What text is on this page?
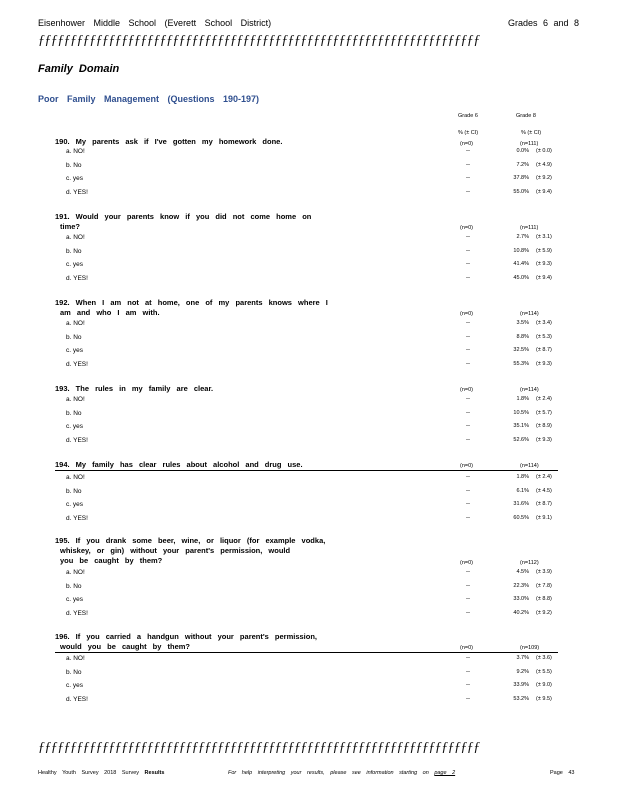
Eisenhower Middle School (Everett School District)	Grades 6 and 8
ƒƒƒƒƒƒƒƒƒƒƒƒƒƒƒƒƒƒƒƒƒƒƒƒƒƒƒƒƒƒƒƒƒƒƒƒƒƒƒƒƒƒƒƒƒƒƒƒƒƒƒƒƒƒƒƒƒƒƒƒƒƒƒƒƒƒƒƒƒ
Family Domain
Poor Family Management (Questions 190-197)
Grade 6	Grade 8
% (± CI)	% (± CI)
190. My parents ask if I've gotten my homework done.	(n=0)	(n=111)
a. NO!	--	0.0% (± 0.0)
b. No	--	7.2% (± 4.9)
c. yes	--	37.8% (± 9.2)
d. YES!	--	55.0% (± 9.4)
191. Would your parents know if you did not come home on
time?	(n=0)	(n=111)
a. NO!	--	2.7% (± 3.1)
b. No	--	10.8% (± 5.9)
c. yes	--	41.4% (± 9.3)
d. YES!	--	45.0% (± 9.4)
192. When I am not at home, one of my parents knows where I
am and who I am with.	(n=0)	(n=114)
a. NO!	--	3.5% (± 3.4)
b. No	--	8.8% (± 5.3)
c. yes	--	32.5% (± 8.7)
d. YES!	--	55.3% (± 9.3)
193. The rules in my family are clear.	(n=0)	(n=114)
a. NO!	--	1.8% (± 2.4)
b. No	--	10.5% (± 5.7)
c. yes	--	35.1% (± 8.9)
d. YES!	--	52.6% (± 9.3)
194. My family has clear rules about alcohol and drug use.	(n=0)	(n=114)
a. NO!	--	1.8% (± 2.4)
b. No	--	6.1% (± 4.5)
c. yes	--	31.6% (± 8.7)
d. YES!	--	60.5% (± 9.1)
195. If you drank some beer, wine, or liquor (for example vodka,
whiskey, or gin) without your parent's permission, would
you be caught by them?	(n=0)	(n=112)
a. NO!	--	4.5% (± 3.9)
b. No	--	22.3% (± 7.8)
c. yes	--	33.0% (± 8.8)
d. YES!	--	40.2% (± 9.2)
196. If you carried a handgun without your parent's permission,
would you be caught by them?	(n=0)	(n=109)
a. NO!	--	3.7% (± 3.6)
b. No	--	9.2% (± 5.5)
c. yes	--	33.9% (± 9.0)
d. YES!	--	53.2% (± 9.5)
ƒƒƒƒƒƒƒƒƒƒƒƒƒƒƒƒƒƒƒƒƒƒƒƒƒƒƒƒƒƒƒƒƒƒƒƒƒƒƒƒƒƒƒƒƒƒƒƒƒƒƒƒƒƒƒƒƒƒƒƒƒƒƒƒƒƒƒƒƒ
Healthy Youth Survey 2018 Survey Results	For help interpreting your results, please see information starting on page 2	Page 43
